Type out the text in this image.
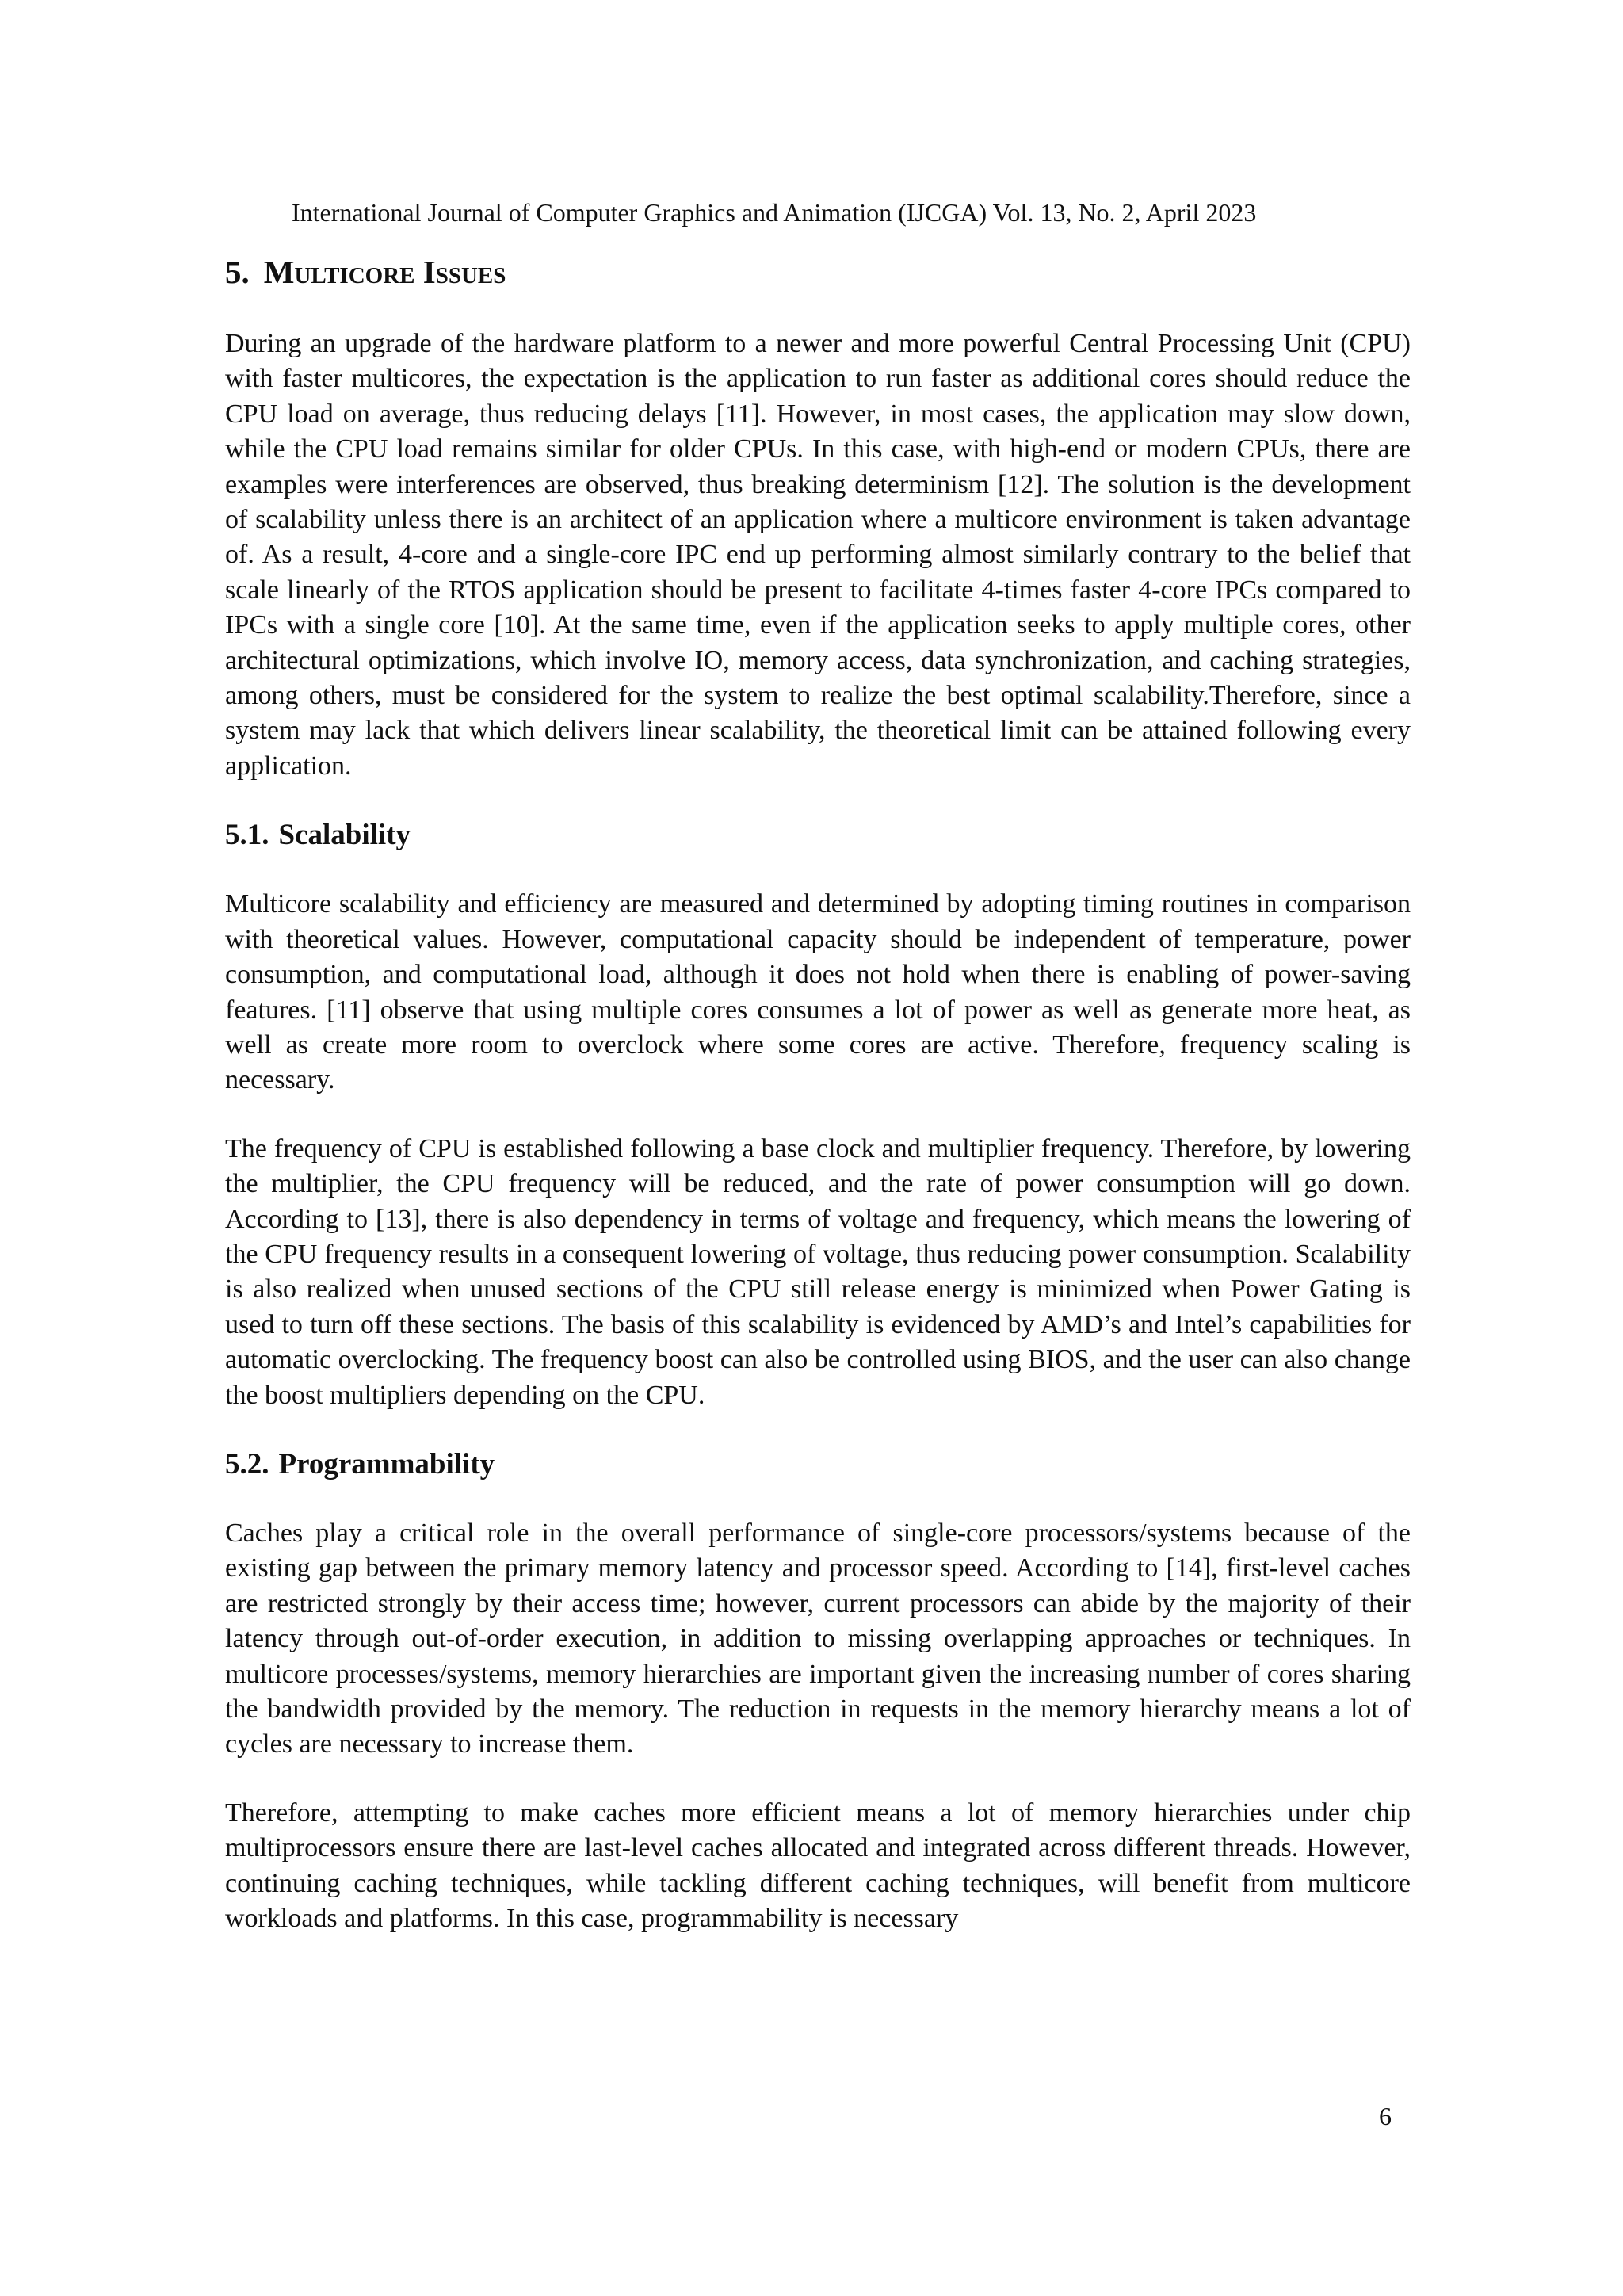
International Journal of Computer Graphics and Animation (IJCGA) Vol. 13, No. 2, April 2023
5. Multicore Issues

During an upgrade of the hardware platform to a newer and more powerful Central Processing Unit (CPU) with faster multicores, the expectation is the application to run faster as additional cores should reduce the CPU load on average, thus reducing delays [11]. However, in most cases, the application may slow down, while the CPU load remains similar for older CPUs. In this case, with high-end or modern CPUs, there are examples were interferences are observed, thus breaking determinism [12]. The solution is the development of scalability unless there is an architect of an application where a multicore environment is taken advantage of. As a result, 4-core and a single-core IPC end up performing almost similarly contrary to the belief that scale linearly of the RTOS application should be present to facilitate 4-times faster 4-core IPCs compared to IPCs with a single core [10]. At the same time, even if the application seeks to apply multiple cores, other architectural optimizations, which involve IO, memory access, data synchronization, and caching strategies, among others, must be considered for the system to realize the best optimal scalability.Therefore, since a system may lack that which delivers linear scalability, the theoretical limit can be attained following every application.

5.1. Scalability

Multicore scalability and efficiency are measured and determined by adopting timing routines in comparison with theoretical values. However, computational capacity should be independent of temperature, power consumption, and computational load, although it does not hold when there is enabling of power-saving features. [11] observe that using multiple cores consumes a lot of power as well as generate more heat, as well as create more room to overclock where some cores are active. Therefore, frequency scaling is necessary.

The frequency of CPU is established following a base clock and multiplier frequency. Therefore, by lowering the multiplier, the CPU frequency will be reduced, and the rate of power consumption will go down. According to [13], there is also dependency in terms of voltage and frequency, which means the lowering of the CPU frequency results in a consequent lowering of voltage, thus reducing power consumption. Scalability is also realized when unused sections of the CPU still release energy is minimized when Power Gating is used to turn off these sections. The basis of this scalability is evidenced by AMD’s and Intel’s capabilities for automatic overclocking. The frequency boost can also be controlled using BIOS, and the user can also change the boost multipliers depending on the CPU.

5.2. Programmability

Caches play a critical role in the overall performance of single-core processors/systems because of the existing gap between the primary memory latency and processor speed. According to [14], first-level caches are restricted strongly by their access time; however, current processors can abide by the majority of their latency through out-of-order execution, in addition to missing overlapping approaches or techniques. In multicore processes/systems, memory hierarchies are important given the increasing number of cores sharing the bandwidth provided by the memory. The reduction in requests in the memory hierarchy means a lot of cycles are necessary to increase them.

Therefore, attempting to make caches more efficient means a lot of memory hierarchies under chip multiprocessors ensure there are last-level caches allocated and integrated across different threads. However, continuing caching techniques, while tackling different caching techniques, will benefit from multicore workloads and platforms. In this case, programmability is necessary

6
